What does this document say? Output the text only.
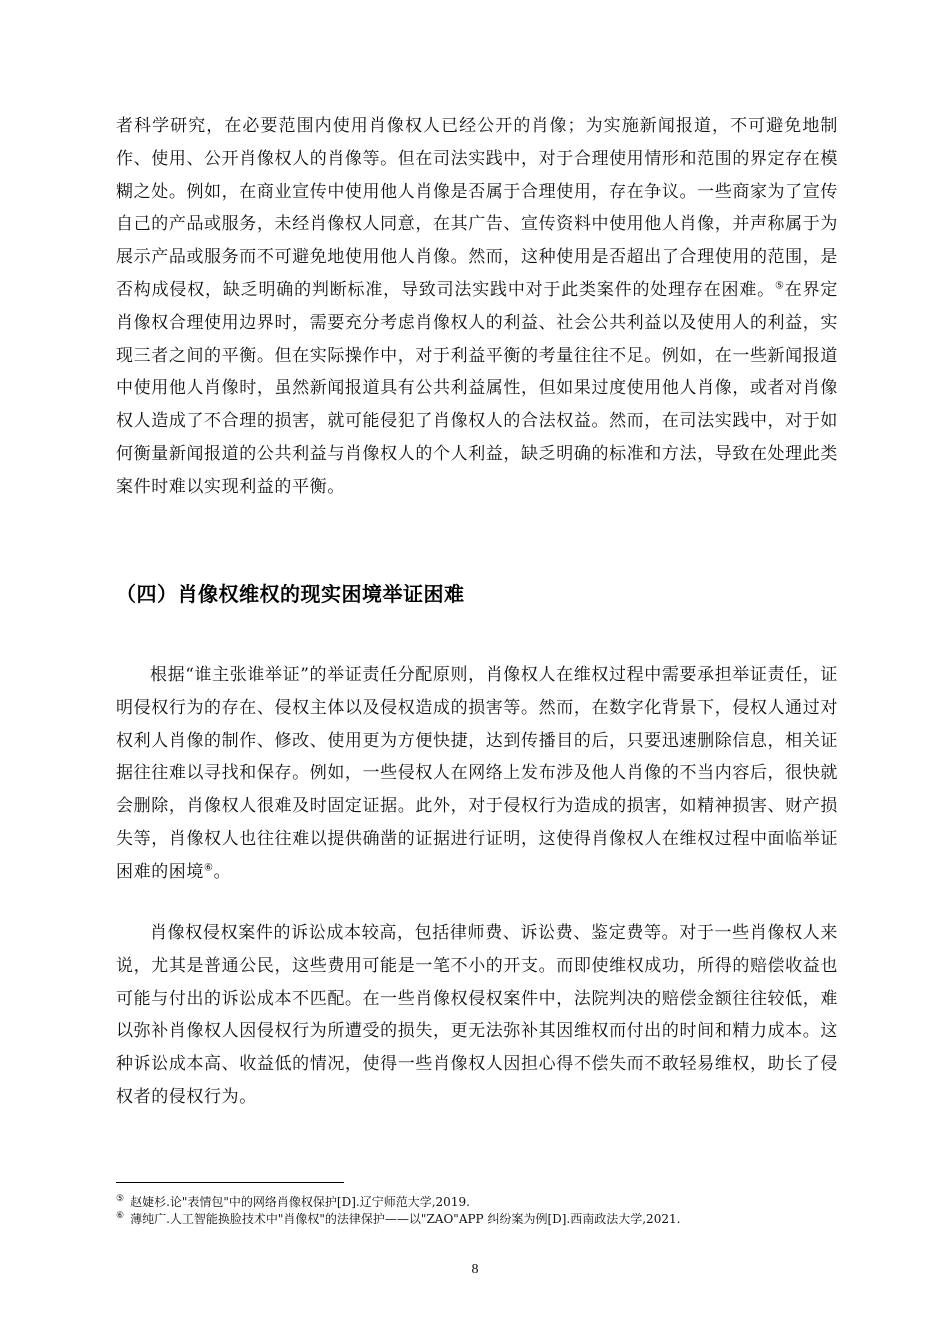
者科学研究，在必要范围内使用肖像权人已经公开的肖像；为实施新闻报道，不可避免地制作、使用、公开肖像权人的肖像等。但在司法实践中，对于合理使用情形和范围的界定存在模糊之处。例如，在商业宣传中使用他人肖像是否属于合理使用，存在争议。一些商家为了宣传自己的产品或服务，未经肖像权人同意，在其广告、宣传资料中使用他人肖像，并声称属于为展示产品或服务而不可避免地使用他人肖像。然而，这种使用是否超出了合理使用的范围，是否构成侵权，缺乏明确的判断标准，导致司法实践中对于此类案件的处理存在困难。⑤在界定肖像权合理使用边界时，需要充分考虑肖像权人的利益、社会公共利益以及使用人的利益，实现三者之间的平衡。但在实际操作中，对于利益平衡的考量往往不足。例如，在一些新闻报道中使用他人肖像时，虽然新闻报道具有公共利益属性，但如果过度使用他人肖像，或者对肖像权人造成了不合理的损害，就可能侵犯了肖像权人的合法权益。然而，在司法实践中，对于如何衡量新闻报道的公共利益与肖像权人的个人利益，缺乏明确的标准和方法，导致在处理此类案件时难以实现利益的平衡。

（四）肖像权维权的现实困境举证困难

根据“谁主张谁举证”的举证责任分配原则，肖像权人在维权过程中需要承担举证责任，证明侵权行为的存在、侵权主体以及侵权造成的损害等。然而，在数字化背景下，侵权人通过对权利人肖像的制作、修改、使用更为方便快捷，达到传播目的后，只要迅速删除信息，相关证据往往难以寻找和保存。例如，一些侵权人在网络上发布涉及他人肖像的不当内容后，很快就会删除，肖像权人很难及时固定证据。此外，对于侵权行为造成的损害，如精神损害、财产损失等，肖像权人也往往难以提供确凿的证据进行证明，这使得肖像权人在维权过程中面临举证困难的困境⑥。

肖像权侵权案件的诉讼成本较高，包括律师费、诉讼费、鉴定费等。对于一些肖像权人来说，尤其是普通公民，这些费用可能是一笔不小的开支。而即使维权成功，所得的赔偿收益也可能与付出的诉讼成本不匹配。在一些肖像权侵权案件中，法院判决的赔偿金额往往较低，难以弥补肖像权人因侵权行为所遭受的损失，更无法弥补其因维权而付出的时间和精力成本。这种诉讼成本高、收益低的情况，使得一些肖像权人因担心得不偿失而不敢轻易维权，助长了侵权者的侵权行为。

⑤ 赵婕杉.论"表情包"中的网络肖像权保护[D].辽宁师范大学,2019.
⑥ 薄纯广.人工智能换脸技术中"肖像权"的法律保护——以"ZAO"APP 纠纷案为例[D].西南政法大学,2021.
8
